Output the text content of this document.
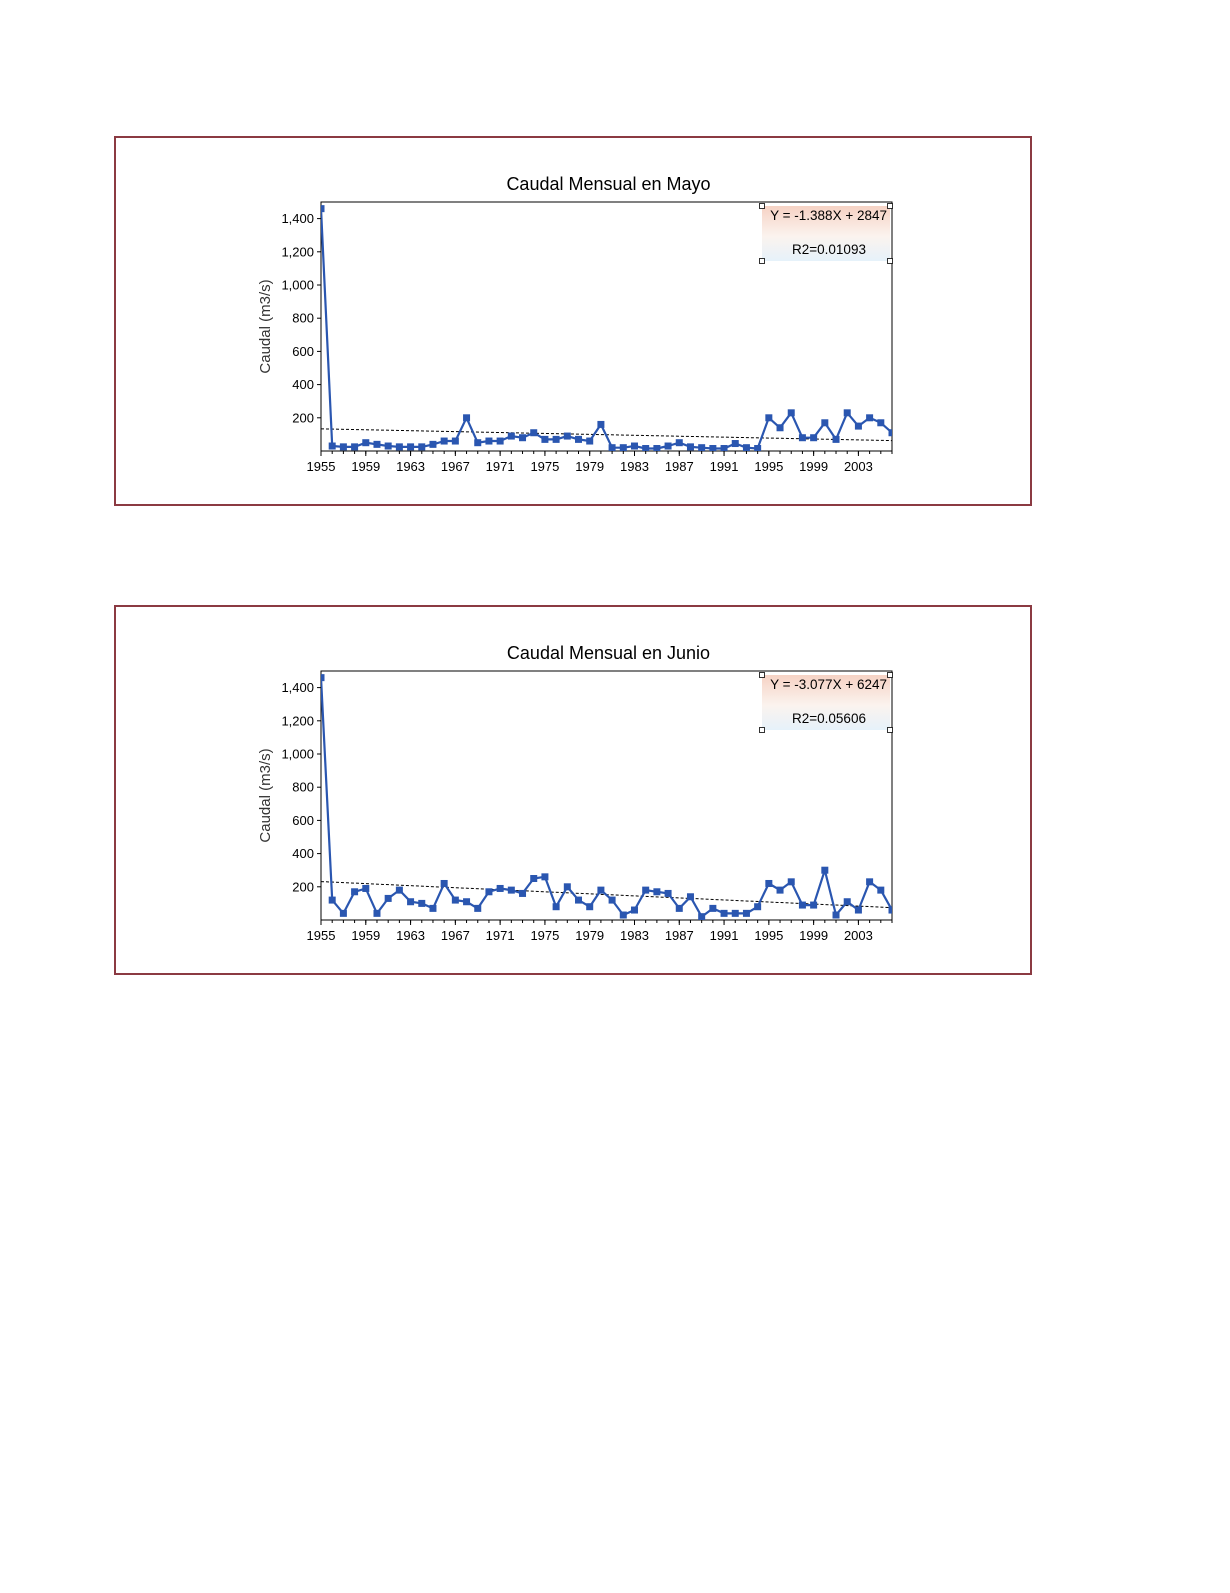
Caudal Mensual en Mayo
Caudal (m3/s)
200
400
600
800
1,000
1,200
1,400
1955 1959 1963 1967 1971 1975 1979 1983 1987 1991 1995 1999 2003
Y = -1.388X + 2847
R2=0.01093
Caudal Mensual en Junio
Caudal (m3/s)
200
400
600
800
1,000
1,200
1,400
1955 1959 1963 1967 1971 1975 1979 1983 1987 1991 1995 1999 2003
Y = -3.077X + 6247
R2=0.05606
